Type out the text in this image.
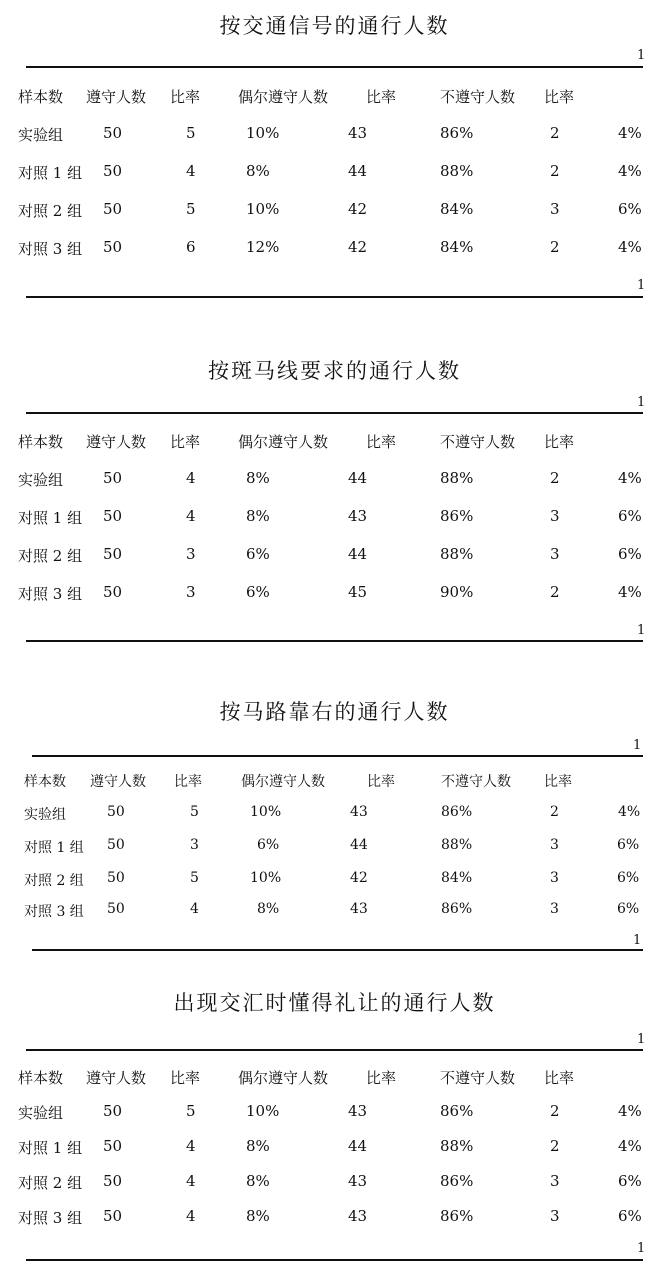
按交通信号的通行人数
1
样本数 遵守人数 比率	偶尔遵守人数	比率	不遵守人数 比率
实验组	50	5	10%	43	86%	2	4%
对照 1 组 50	4	8%	44	88%	2	4%
对照 2 组 50	5	10%	42	84%	3	6%
对照 3 组 50	6	12%	42	84%	2	4%
1
按斑马线要求的通行人数
1
样本数 遵守人数 比率	偶尔遵守人数	比率	不遵守人数 比率
实验组	50	4	8%	44	88%	2	4%
对照 1 组 50	4	8%	43	86%	3	6%
对照 2 组 50	3	6%	44	88%	3	6%
对照 3 组 50	3	6%	45	90%	2	4%
1
按马路靠右的通行人数
1
样本数 遵守人数 比率	偶尔遵守人数	比率	不遵守人数 比率
实验组	50	5	10%	43	86%	2	4%
对照 1 组 50	3	6%	44	88%	3	6%
对照 2 组 50	5	10%	42	84%	3	6%
对照 3 组 50	4	8%	43	86%	3	6%
1
出现交汇时懂得礼让的通行人数
1
样本数 遵守人数 比率	偶尔遵守人数	比率	不遵守人数 比率
实验组	50	5	10%	43	86%	2	4%
对照 1 组 50	4	8%	44	88%	2	4%
对照 2 组 50	4	8%	43	86%	3	6%
对照 3 组 50	4	8%	43	86%	3	6%
1
